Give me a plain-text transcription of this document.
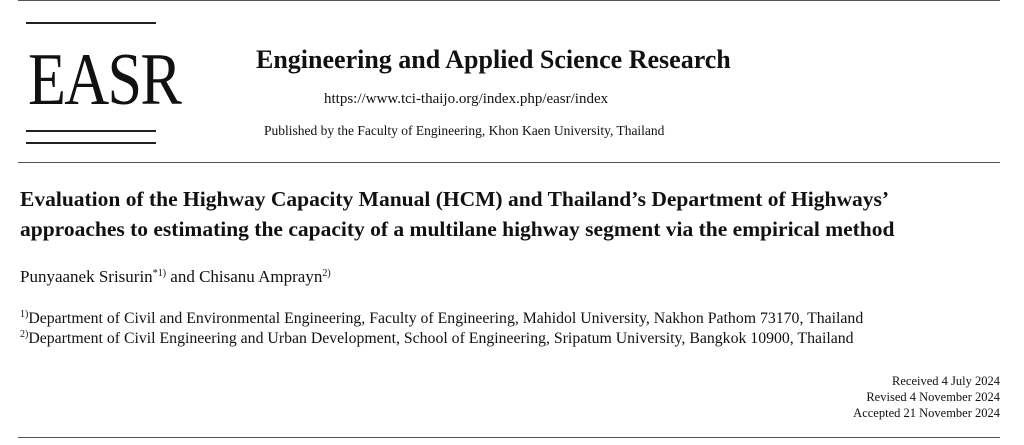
EASR	Engineering and Applied Science Research
https://www.tci-thaijo.org/index.php/easr/index
Published by the Faculty of Engineering, Khon Kaen University, Thailand
Evaluation of the Highway Capacity Manual (HCM) and Thailand’s Department of Highways’
approaches to estimating the capacity of a multilane highway segment via the empirical method
Punyaanek Srisurin$^{*1)}$ and Chisanu Amprayn$^{2)}$
$^{1)}$Department of Civil and Environmental Engineering, Faculty of Engineering, Mahidol University, Nakhon Pathom 73170, Thailand
$^{2)}$Department of Civil Engineering and Urban Development, School of Engineering, Sripatum University, Bangkok 10900, Thailand
Received 4 July 2024
Revised 4 November 2024
Accepted 21 November 2024
